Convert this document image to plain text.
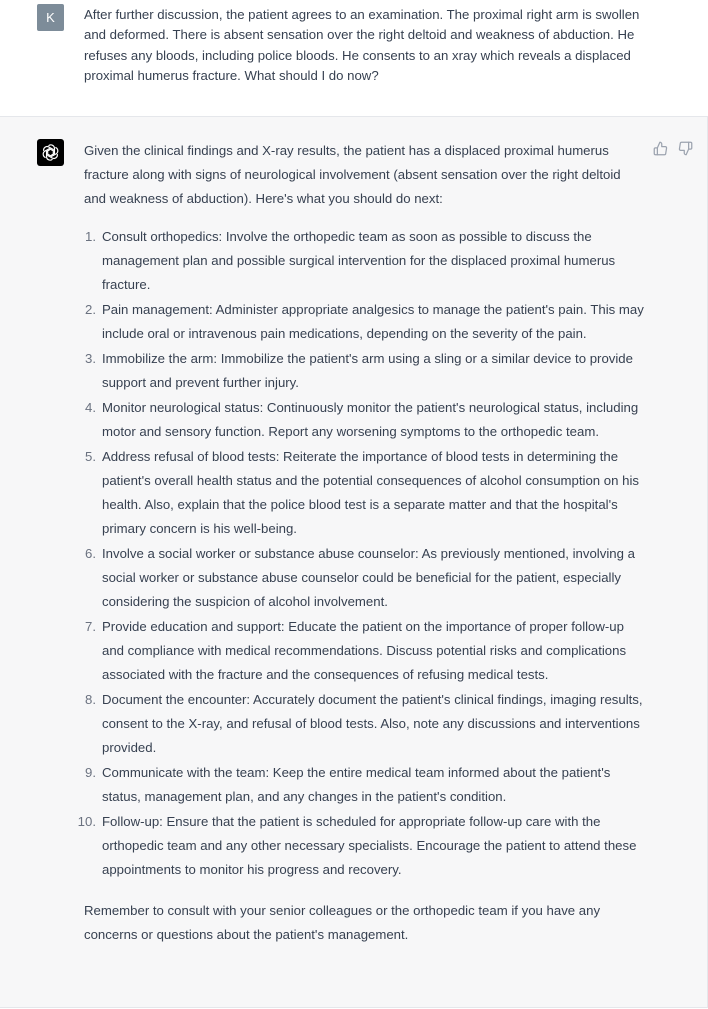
K	After further discussion, the patient agrees to an examination. The proximal right arm is swollen and deformed. There is absent sensation over the right deltoid and weakness of abduction. He refuses any bloods, including police bloods. He consents to an xray which reveals a displaced proximal humerus fracture. What should I do now?

Given the clinical findings and X-ray results, the patient has a displaced proximal humerus fracture along with signs of neurological involvement (absent sensation over the right deltoid and weakness of abduction). Here's what you should do next:

1. Consult orthopedics: Involve the orthopedic team as soon as possible to discuss the management plan and possible surgical intervention for the displaced proximal humerus fracture.
2. Pain management: Administer appropriate analgesics to manage the patient's pain. This may include oral or intravenous pain medications, depending on the severity of the pain.
3. Immobilize the arm: Immobilize the patient's arm using a sling or a similar device to provide support and prevent further injury.
4. Monitor neurological status: Continuously monitor the patient's neurological status, including motor and sensory function. Report any worsening symptoms to the orthopedic team.
5. Address refusal of blood tests: Reiterate the importance of blood tests in determining the patient's overall health status and the potential consequences of alcohol consumption on his health. Also, explain that the police blood test is a separate matter and that the hospital's primary concern is his well-being.
6. Involve a social worker or substance abuse counselor: As previously mentioned, involving a social worker or substance abuse counselor could be beneficial for the patient, especially considering the suspicion of alcohol involvement.
7. Provide education and support: Educate the patient on the importance of proper follow-up and compliance with medical recommendations. Discuss potential risks and complications associated with the fracture and the consequences of refusing medical tests.
8. Document the encounter: Accurately document the patient's clinical findings, imaging results, consent to the X-ray, and refusal of blood tests. Also, note any discussions and interventions provided.
9. Communicate with the team: Keep the entire medical team informed about the patient's status, management plan, and any changes in the patient's condition.
10. Follow-up: Ensure that the patient is scheduled for appropriate follow-up care with the orthopedic team and any other necessary specialists. Encourage the patient to attend these appointments to monitor his progress and recovery.

Remember to consult with your senior colleagues or the orthopedic team if you have any concerns or questions about the patient's management.
